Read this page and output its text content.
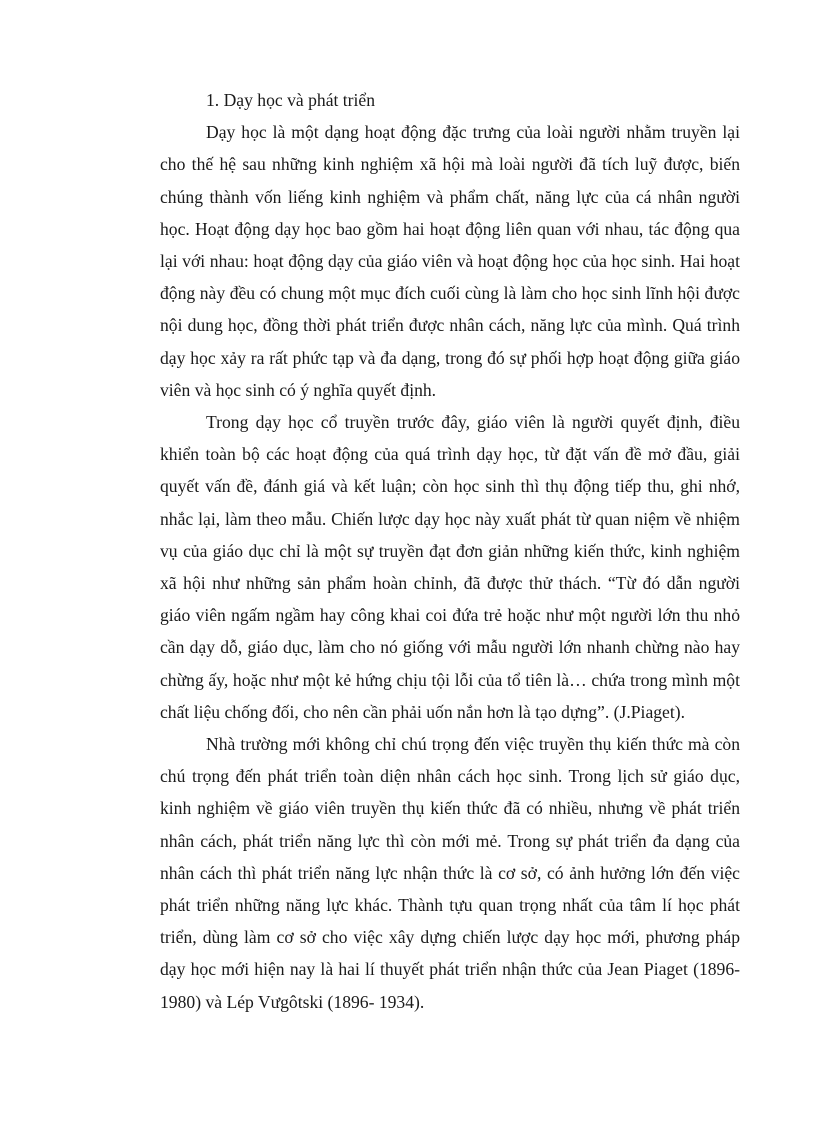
1. Dạy học và phát triển

Dạy học là một dạng hoạt động đặc trưng của loài người nhằm truyền lại cho thế hệ sau những kinh nghiệm xã hội mà loài người đã tích luỹ được, biến chúng thành vốn liếng kinh nghiệm và phẩm chất, năng lực của cá nhân người học. Hoạt động dạy học bao gồm hai hoạt động liên quan với nhau, tác động qua lại với nhau: hoạt động dạy của giáo viên và hoạt động học của học sinh. Hai hoạt động này đều có chung một mục đích cuối cùng là làm cho học sinh lĩnh hội được nội dung học, đồng thời phát triển được nhân cách, năng lực của mình. Quá trình dạy học xảy ra rất phức tạp và đa dạng, trong đó sự phối hợp hoạt động giữa giáo viên và học sinh có ý nghĩa quyết định.

Trong dạy học cổ truyền trước đây, giáo viên là người quyết định, điều khiển toàn bộ các hoạt động của quá trình dạy học, từ đặt vấn đề mở đầu, giải quyết vấn đề, đánh giá và kết luận; còn học sinh thì thụ động tiếp thu, ghi nhớ, nhắc lại, làm theo mẫu. Chiến lược dạy học này xuất phát từ quan niệm về nhiệm vụ của giáo dục chỉ là một sự truyền đạt đơn giản những kiến thức, kinh nghiệm xã hội như những sản phẩm hoàn chỉnh, đã được thử thách. “Từ đó dẫn người giáo viên ngấm ngầm hay công khai coi đứa trẻ hoặc như một người lớn thu nhỏ cần dạy dỗ, giáo dục, làm cho nó giống với mẫu người lớn nhanh chừng nào hay chừng ấy, hoặc như một kẻ hứng chịu tội lỗi của tổ tiên là… chứa trong mình một chất liệu chống đối, cho nên cần phải uốn nắn hơn là tạo dựng”. (J.Piaget).

Nhà trường mới không chỉ chú trọng đến việc truyền thụ kiến thức mà còn chú trọng đến phát triển toàn diện nhân cách học sinh. Trong lịch sử giáo dục, kinh nghiệm về giáo viên truyền thụ kiến thức đã có nhiều, nhưng về phát triển nhân cách, phát triển năng lực thì còn mới mẻ. Trong sự phát triển đa dạng của nhân cách thì phát triển năng lực nhận thức là cơ sở, có ảnh hưởng lớn đến việc phát triển những năng lực khác. Thành tựu quan trọng nhất của tâm lí học phát triển, dùng làm cơ sở cho việc xây dựng chiến lược dạy học mới, phương pháp dạy học mới hiện nay là hai lí thuyết phát triển nhận thức của Jean Piaget (1896-1980) và Lép Vưgôtski (1896- 1934).
